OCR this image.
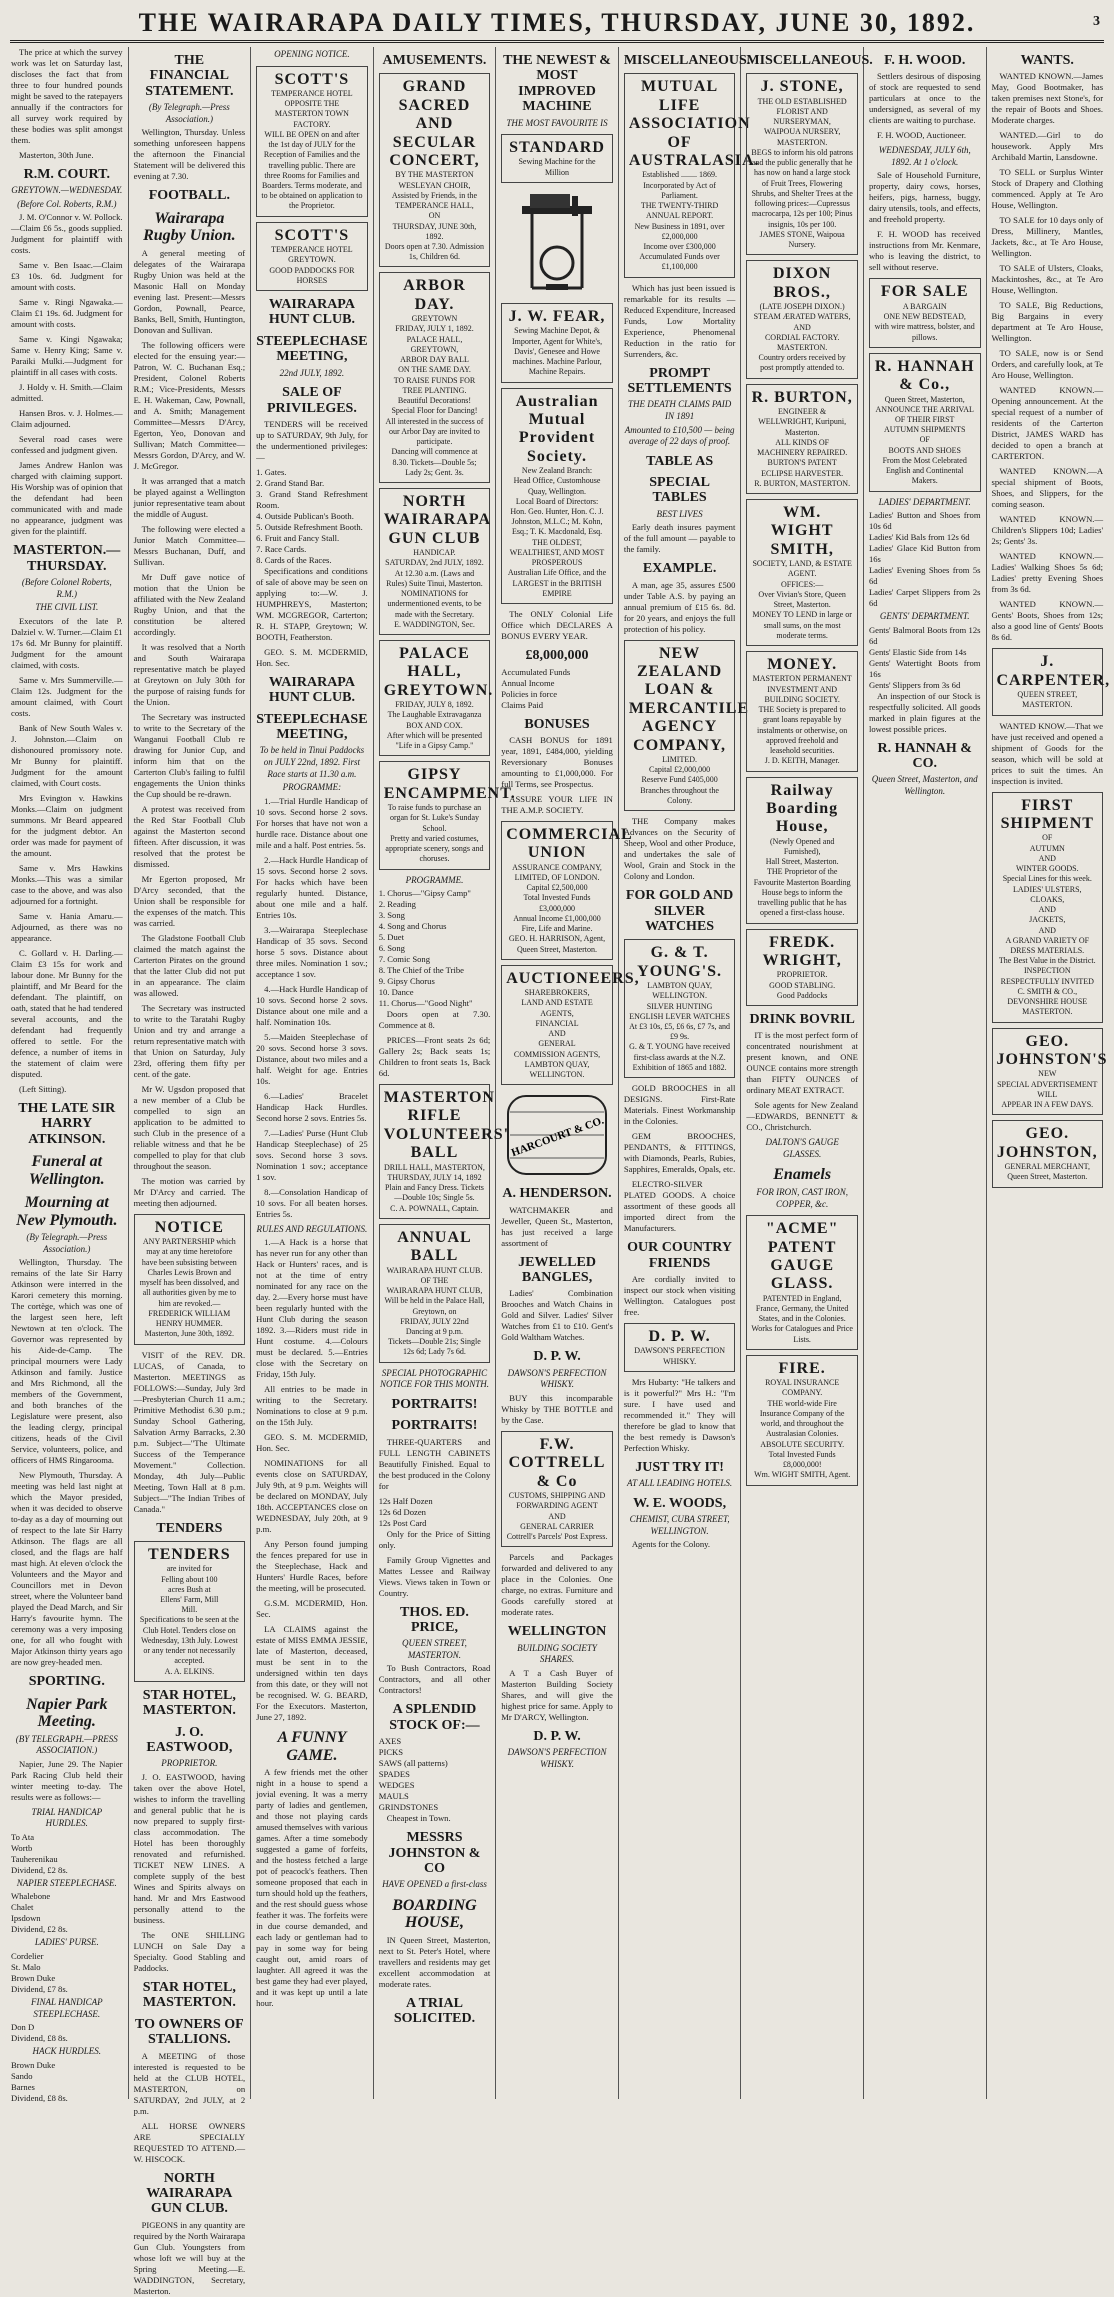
THE WAIRARAPA DAILY TIMES, THURSDAY, JUNE 30, 1892.	3

The price at which the survey work was let on Saturday last, discloses the fact that from three to four hundred pounds might be saved to the ratepayers annually if the contractors for all survey work required by these bodies was split amongst them.

Masterton, 30th June.

R.M. COURT.
GREYTOWN.—WEDNESDAY.
(Before Col. Roberts, R.M.)

J. M. O'Connor v. W. Pollock.—Claim £6 5s., goods supplied. Judgment for plaintiff with costs.

Same v. Ben Isaac.—Claim £3 10s. 6d. Judgment for amount with costs.

Same v. Ringi Ngawaka.—Claim £1 19s. 6d. Judgment for amount with costs.

Same v. Kingi Ngawaka; Same v. Henry King; Same v. Paraiki Mulki.—Judgment for plaintiff in all cases with costs.

J. Holdy v. H. Smith.—Claim admitted.

Hansen Bros. v. J. Holmes.—Claim adjourned.

Several road cases were confessed and judgment given.

James Andrew Hanlon was charged with claiming support. His Worship was of opinion that the defendant had been communicated with and made no appearance, judgment was given for the plaintiff.

MASTERTON.—THURSDAY.
(Before Colonel Roberts, R.M.)
THE CIVIL LIST.

Executors of the late P. Dalziel v. W. Turner.—Claim £1 17s 6d. Mr Bunny for plaintiff. Judgment for the amount claimed, with costs.

Same v. Mrs Summerville.—Claim 12s. Judgment for the amount claimed, with Court costs.

Bank of New South Wales v. J. Johnston.—Claim on dishonoured promissory note. Mr Bunny for plaintiff. Judgment for the amount claimed, with Court costs.

Mrs Evington v. Hawkins Monks.—Claim on judgment summons. Mr Beard appeared for the judgment debtor. An order was made for payment of the amount.

Same v. Mrs Hawkins Monks.—This was a similar case to the above, and was also adjourned for a fortnight.

Same v. Hania Amaru.—Adjourned, as there was no appearance.

C. Gollard v. H. Darling.—Claim £3 15s for work and labour done. Mr Bunny for the plaintiff, and Mr Beard for the defendant. The plaintiff, on oath, stated that he had tendered several accounts, and the defendant had frequently offered to settle. For the defence, a number of items in the statement of claim were disputed.

(Left Sitting).

THE LATE SIR HARRY ATKINSON.
Funeral at Wellington.
Mourning at New Plymouth.
(By Telegraph.—Press Association.)

Wellington, Thursday. The remains of the late Sir Harry Atkinson were interred in the Karori cemetery this morning. The cortège, which was one of the largest seen here, left Newtown at ten o'clock. The Governor was represented by his Aide-de-Camp. The principal mourners were Lady Atkinson and family. Justice and Mrs Richmond, all the members of the Government, and both branches of the Legislature were present, also the leading clergy, principal citizens, heads of the Civil Service, volunteers, police, and officers of HMS Ringarooma.

New Plymouth, Thursday. A meeting was held last night at which the Mayor presided, when it was decided to observe to-day as a day of mourning out of respect to the late Sir Harry Atkinson. The flags are all closed, and the flags are half mast high. At eleven o'clock the Volunteers and the Mayor and Councillors met in Devon street, where the Volunteer band played the Dead March, and Sir Harry's favourite hymn. The ceremony was a very imposing one, for all who fought with Major Atkinson thirty years ago are now grey-headed men.

SPORTING.
Napier Park Meeting.
(BY TELEGRAPH.—PRESS ASSOCIATION.)

Napier, June 29. The Napier Park Racing Club held their winter meeting to-day. The results were as follows:—

TRIAL HANDICAP HURDLES.
To Ata
Wortb
Tauherenikau
Dividend, £2 8s.
NAPIER STEEPLECHASE.
Whalebone
Chalet
Ipsdown
Dividend, £2 8s.
LADIES' PURSE.
Cordelier
St. Malo
Brown Duke
Dividend, £7 8s.
FINAL HANDICAP STEEPLECHASE.
Don D
Dividend, £8 8s.
HACK HURDLES.
Brown Duke
Sando
Barnes
Dividend, £8 8s.
THE FINANCIAL STATEMENT.
(By Telegraph.—Press Association.)

Wellington, Thursday. Unless something unforeseen happens the afternoon the Financial Statement will be delivered this evening at 7.30.

FOOTBALL.
Wairarapa Rugby Union.

A general meeting of delegates of the Wairarapa Rugby Union was held at the Masonic Hall on Monday evening last. Present:—Messrs Gordon, Pownall, Pearce, Banks, Bell, Smith, Huntington, Donovan and Sullivan.

The following officers were elected for the ensuing year:—Patron, W. C. Buchanan Esq.; President, Colonel Roberts R.M.; Vice-Presidents, Messrs E. H. Wakeman, Caw, Pownall, and A. Smith; Management Committee—Messrs D'Arcy, Egerton, Yeo, Donovan and Sullivan; Match Committee—Messrs Gordon, D'Arcy, and W. J. McGregor.

It was arranged that a match be played against a Wellington junior representative team about the middle of August.

The following were elected a Junior Match Committee—Messrs Buchanan, Duff, and Sullivan.

Mr Duff gave notice of motion that the Union be affiliated with the New Zealand Rugby Union, and that the constitution be altered accordingly.

It was resolved that a North and South Wairarapa representative match be played at Greytown on July 30th for the purpose of raising funds for the Union.

The Secretary was instructed to write to the Secretary of the Wanganui Football Club re drawing for Junior Cup, and inform him that on the Carterton Club's failing to fulfil engagements the Union thinks the Cup should be re-drawn.

A protest was received from the Red Star Football Club against the Masterton second fifteen. After discussion, it was resolved that the protest be dismissed.

Mr Egerton proposed, Mr D'Arcy seconded, that the Union shall be responsible for the expenses of the match. This was carried.

The Gladstone Football Club claimed the match against the Carterton Pirates on the ground that the latter Club did not put in an appearance. The claim was allowed.

The Secretary was instructed to write to the Taratahi Rugby Union and try and arrange a return representative match with that Union on Saturday, July 23rd, offering them fifty per cent. of the gate.

Mr W. Ugsdon proposed that a new member of a Club be compelled to sign an application to be admitted to such Club in the presence of a reliable witness and that he be compelled to play for that club throughout the season.

The motion was carried by Mr D'Arcy and carried. The meeting then adjourned.

NOTICE
ANY PARTNERSHIP which may at any time heretofore have been subsisting between Charles Lewis Brown and myself has been dissolved, and all authorities given by me to him are revoked.—FREDERICK WILLIAM HENRY HUMMER. Masterton, June 30th, 1892.

VISIT of the REV. DR. LUCAS, of Canada, to Masterton. MEETINGS as FOLLOWS:—Sunday, July 3rd—Presbyterian Church 11 a.m.; Primitive Methodist 6.30 p.m.; Sunday School Gathering, Salvation Army Barracks, 2.30 p.m. Subject—"The Ultimate Success of the Temperance Movement." Collection. Monday, 4th July—Public Meeting, Town Hall at 8 p.m. Subject—"The Indian Tribes of Canada."

TENDERS
TENDERS
are invited for
Felling about 100
acres Bush at
Ellens' Farm, Mill
Mill.
Specifications to be seen at the Club Hotel. Tenders close on Wednesday, 13th July. Lowest or any tender not necessarily accepted.
A. A. ELKINS.
STAR HOTEL, MASTERTON.
J. O. EASTWOOD,
PROPRIETOR.

J. O. EASTWOOD, having taken over the above Hotel, wishes to inform the travelling and general public that he is now prepared to supply first-class accommodation. The Hotel has been thoroughly renovated and refurnished. TICKET NEW LINES. A complete supply of the best Wines and Spirits always on hand. Mr and Mrs Eastwood personally attend to the business.

The ONE SHILLING LUNCH on Sale Day a Specialty. Good Stabling and Paddocks.

STAR HOTEL, MASTERTON.
TO OWNERS OF STALLIONS.

A MEETING of those interested is requested to be held at the CLUB HOTEL, MASTERTON, on SATURDAY, 2nd JULY, at 2 p.m.

ALL HORSE OWNERS ARE SPECIALLY REQUESTED TO ATTEND.—W. HISCOCK.

NORTH WAIRARAPA GUN CLUB.

PIGEONS in any quantity are required by the North Wairarapa Gun Club. Youngsters from whose loft we will buy at the Spring Meeting.—E. WADDINGTON, Secretary, Masterton.

OPENING NOTICE.
SCOTT'S
TEMPERANCE HOTEL
OPPOSITE THE
MASTERTON TOWN FACTORY.
WILL BE OPEN on and after the 1st day of JULY for the Reception of Families and the travelling public. There are three Rooms for Families and Boarders. Terms moderate, and to be obtained on application to the Proprietor.
SCOTT'S
TEMPERANCE HOTEL
GREYTOWN.
GOOD PADDOCKS FOR HORSES
WAIRARAPA HUNT CLUB.
STEEPLECHASE MEETING,
22nd JULY, 1892.
SALE OF PRIVILEGES.

TENDERS will be received up to SATURDAY, 9th July, for the undermentioned privileges:—

1. Gates.
2. Grand Stand Bar.
3. Grand Stand Refreshment Room.
4. Outside Publican's Booth.
5. Outside Refreshment Booth.
6. Fruit and Fancy Stall.
7. Race Cards.
8. Cards of the Races.

Specifications and conditions of sale of above may be seen on applying to:—W. J. HUMPHREYS, Masterton; WM. MCGREGOR, Carterton; R. H. STAPP, Greytown; W. BOOTH, Featherston.

GEO. S. M. MCDERMID, Hon. Sec.

WAIRARAPA HUNT CLUB.
STEEPLECHASE MEETING,
To be held in Tinui Paddocks on JULY 22nd, 1892. First Race starts at 11.30 a.m.
PROGRAMME:

1.—Trial Hurdle Handicap of 10 sovs. Second horse 2 sovs. For horses that have not won a hurdle race. Distance about one mile and a half. Post entries. 5s.

2.—Hack Hurdle Handicap of 15 sovs. Second horse 2 sovs. For hacks which have been regularly hunted. Distance, about one mile and a half. Entries 10s.

3.—Wairarapa Steeplechase Handicap of 35 sovs. Second horse 5 sovs. Distance about three miles. Nomination 1 sov.; acceptance 1 sov.

4.—Hack Hurdle Handicap of 10 sovs. Second horse 2 sovs. Distance about one mile and a half. Nomination 10s.

5.—Maiden Steeplechase of 20 sovs. Second horse 3 sovs. Distance, about two miles and a half. Weight for age. Entries 10s.

6.—Ladies' Bracelet Handicap Hack Hurdles. Second horse 2 sovs. Entries 5s.

7.—Ladies' Purse (Hunt Club Handicap Steeplechase) of 25 sovs. Second horse 3 sovs. Nomination 1 sov.; acceptance 1 sov.

8.—Consolation Handicap of 10 sovs. For all beaten horses. Entries 5s.

RULES AND REGULATIONS.

1.—A Hack is a horse that has never run for any other than Hack or Hunters' races, and is not at the time of entry nominated for any race on the day. 2.—Every horse must have been regularly hunted with the Hunt Club during the season 1892. 3.—Riders must ride in Hunt costume. 4.—Colours must be declared. 5.—Entries close with the Secretary on Friday, 15th July.

All entries to be made in writing to the Secretary. Nominations to close at 9 p.m. on the 15th July.

GEO. S. M. MCDERMID, Hon. Sec.

NOMINATIONS for all events close on SATURDAY, July 9th, at 9 p.m. Weights will be declared on MONDAY, July 18th. ACCEPTANCES close on WEDNESDAY, July 20th, at 9 p.m.

Any Person found jumping the fences prepared for use in the Steeplechase, Hack and Hunters' Hurdle Races, before the meeting, will be prosecuted.

G.S.M. MCDERMID, Hon. Sec.

LA CLAIMS against the estate of MISS EMMA JESSIE, late of Masterton, deceased, must be sent in to the undersigned within ten days from this date, or they will not be recognised. W. G. BEARD, For the Executors. Masterton, June 27, 1892.

A FUNNY GAME.

A few friends met the other night in a house to spend a jovial evening. It was a merry party of ladies and gentlemen, and those not playing cards amused themselves with various games. After a time somebody suggested a game of forfeits, and the hostess fetched a large pot of peacock's feathers. Then someone proposed that each in turn should hold up the feathers, and the rest should guess whose feather it was. The forfeits were in due course demanded, and each lady or gentleman had to pay in some way for being caught out, amid roars of laughter. All agreed it was the best game they had ever played, and it was kept up until a late hour.

AMUSEMENTS.
GRAND SACRED AND SECULAR CONCERT,
BY THE MASTERTON WESLEYAN CHOIR,
Assisted by Friends, in the
TEMPERANCE HALL,
ON
THURSDAY, JUNE 30th, 1892.
Doors open at 7.30. Admission 1s, Children 6d.
ARBOR DAY.
GREYTOWN
FRIDAY, JULY 1, 1892.
PALACE HALL, GREYTOWN,
ARBOR DAY BALL
ON THE SAME DAY.
TO RAISE FUNDS FOR TREE PLANTING.
Beautiful Decorations!
Special Floor for Dancing!
All interested in the success of our Arbor Day are invited to participate.
Dancing will commence at 8.30. Tickets—Double 5s; Lady 2s; Gent. 3s.
NORTH WAIRARAPA GUN CLUB
HANDICAP.
SATURDAY, 2nd JULY, 1892.
At 12.30 a.m. (Laws and Rules) Suite Tinui, Masterton.
NOMINATIONS for undermentioned events, to be made with the Secretary.
E. WADDINGTON, Sec.
PALACE HALL, GREYTOWN.
FRIDAY, JULY 8, 1892.
The Laughable Extravaganza
BOX AND COX.
After which will be presented "Life in a Gipsy Camp."
GIPSY ENCAMPMENT.
To raise funds to purchase an organ for St. Luke's Sunday School.
Pretty and varied costumes, appropriate scenery, songs and choruses.
PROGRAMME.
1. Chorus—"Gipsy Camp"
2. Reading
3. Song
4. Song and Chorus
5. Duet
6. Song
7. Comic Song
8. The Chief of the Tribe
9. Gipsy Chorus
10. Dance
11. Chorus—"Good Night"

Doors open at 7.30. Commence at 8.

PRICES—Front seats 2s 6d; Gallery 2s; Back seats 1s; Children to front seats 1s, Back 6d.

MASTERTON RIFLE VOLUNTEERS' BALL
DRILL HALL, MASTERTON,
THURSDAY, JULY 14, 1892
Plain and Fancy Dress. Tickets—Double 10s; Single 5s.
C. A. POWNALL, Captain.
ANNUAL BALL
WAIRARAPA HUNT CLUB.
OF THE
WAIRARAPA HUNT CLUB,
Will be held in the Palace Hall, Greytown, on
FRIDAY, JULY 22nd
Dancing at 9 p.m.
Tickets—Double 21s; Single 12s 6d; Lady 7s 6d.
SPECIAL PHOTOGRAPHIC NOTICE FOR THIS MONTH.
PORTRAITS!
PORTRAITS!

THREE-QUARTERS and FULL LENGTH CABINETS Beautifully Finished. Equal to the best produced in the Colony for

12s Half Dozen
12s 6d Dozen
12s Post Card

Only for the Price of Sitting only.

Family Group Vignettes and Mattes Lessee and Railway Views. Views taken in Town or Country.

THOS. ED. PRICE,
QUEEN STREET, MASTERTON.

To Bush Contractors, Road Contractors, and all other Contractors!

A SPLENDID STOCK OF:—
AXES
PICKS
SAWS (all patterns)
SPADES
WEDGES
MAULS
GRINDSTONES

Cheapest in Town.

MESSRS JOHNSTON & CO
HAVE OPENED a first-class
BOARDING HOUSE,

IN Queen Street, Masterton, next to St. Peter's Hotel, where travellers and residents may get excellent accommodation at moderate rates.

A TRIAL SOLICITED.
THE NEWEST & MOST IMPROVED MACHINE
THE MOST FAVOURITE IS
STANDARD
Sewing Machine for the Million
J. W. FEAR,
Sewing Machine Depot, & Importer, Agent for White's, Davis', Genesee and Howe machines. Machine Parlour, Machine Repairs.
Australian Mutual Provident Society.
New Zealand Branch:
Head Office, Customhouse Quay, Wellington.
Local Board of Directors:
Hon. Geo. Hunter, Hon. C. J. Johnston, M.L.C.; M. Kohn, Esq.; T. K. Macdonald, Esq.
THE OLDEST, WEALTHIEST, AND MOST PROSPEROUS
Australian Life Office, and the LARGEST in the BRITISH EMPIRE

The ONLY Colonial Life Office which DECLARES A BONUS EVERY YEAR.

£8,000,000
Accumulated Funds
Annual Income
Policies in force
Claims Paid
BONUSES

CASH BONUS for 1891 year, 1891, £484,000, yielding Reversionary Bonuses amounting to £1,000,000. For full Terms, see Prospectus.

ASSURE YOUR LIFE IN THE A.M.P. SOCIETY.

COMMERCIAL UNION
ASSURANCE COMPANY, LIMITED, OF LONDON.
Capital £2,500,000
Total Invested Funds £3,000,000
Annual Income £1,000,000
Fire, Life and Marine.
GEO. H. HARRISON, Agent, Queen Street, Masterton.
AUCTIONEERS,
SHAREBROKERS,
LAND AND ESTATE
AGENTS,
FINANCIAL
AND
GENERAL
COMMISSION AGENTS,
LAMBTON QUAY, WELLINGTON.
HARCOURT & CO.
A. HENDERSON.

WATCHMAKER and Jeweller, Queen St., Masterton, has just received a large assortment of

JEWELLED BANGLES,

Ladies' Combination Brooches and Watch Chains in Gold and Silver. Ladies' Silver Watches from £1 to £10. Gent's Gold Waltham Watches.

D. P. W.
DAWSON'S PERFECTION WHISKY.

BUY this incomparable Whisky by THE BOTTLE and by the Case.

F.W. COTTRELL & Co
CUSTOMS, SHIPPING AND FORWARDING AGENT
AND
GENERAL CARRIER
Cottrell's Parcels' Post Express.

Parcels and Packages forwarded and delivered to any place in the Colonies. One charge, no extras. Furniture and Goods carefully stored at moderate rates.

WELLINGTON
BUILDING SOCIETY SHARES.

A T a Cash Buyer of Masterton Building Society Shares, and will give the highest price for same. Apply to Mr D'ARCY, Wellington.

D. P. W.
DAWSON'S PERFECTION WHISKY.
MISCELLANEOUS.
MUTUAL LIFE ASSOCIATION OF AUSTRALASIA.
Established ........ 1869.
Incorporated by Act of Parliament.
THE TWENTY-THIRD ANNUAL REPORT.
New Business in 1891, over £2,000,000
Income over £300,000
Accumulated Funds over £1,100,000

Which has just been issued is remarkable for its results — Reduced Expenditure, Increased Funds, Low Mortality Experience, Phenomenal Reduction in the ratio for Surrenders, &c.

PROMPT SETTLEMENTS
THE DEATH CLAIMS PAID IN 1891
Amounted to £10,500 — being average of 22 days of proof.
TABLE AS
SPECIAL TABLES
BEST LIVES

Early death insures payment of the full amount — payable to the family.

EXAMPLE.

A man, age 35, assures £500 under Table A.S. by paying an annual premium of £15 6s. 8d. for 20 years, and enjoys the full protection of his policy.

NEW ZEALAND LOAN & MERCANTILE AGENCY COMPANY,
LIMITED.
Capital £2,000,000
Reserve Fund £405,000
Branches throughout the Colony.

THE Company makes Advances on the Security of Sheep, Wool and other Produce, and undertakes the sale of Wool, Grain and Stock in the Colony and London.

FOR GOLD AND SILVER WATCHES
G. & T. YOUNG'S.
LAMBTON QUAY, WELLINGTON.
SILVER HUNTING ENGLISH LEVER WATCHES
At £3 10s, £5, £6 6s, £7 7s, and £9 9s.
G. & T. YOUNG have received first-class awards at the N.Z. Exhibition of 1865 and 1882.

GOLD BROOCHES in all DESIGNS. First-Rate Materials. Finest Workmanship in the Colonies.

GEM BROOCHES, PENDANTS, & FITTINGS, with Diamonds, Pearls, Rubies, Sapphires, Emeralds, Opals, etc.

ELECTRO-SILVER PLATED GOODS. A choice assortment of these goods all imported direct from the Manufacturers.

OUR COUNTRY FRIENDS

Are cordially invited to inspect our stock when visiting Wellington. Catalogues post free.

D. P. W.
DAWSON'S PERFECTION WHISKY.

Mrs Hubarty: "He talkers and is it powerful?" Mrs H.: "I'm sure. I have used and recommended it." They will therefore be glad to know that the best remedy is Dawson's Perfection Whisky.

JUST TRY IT!
AT ALL LEADING HOTELS.
W. E. WOODS,
CHEMIST, CUBA STREET, WELLINGTON.

Agents for the Colony.

MISCELLANEOUS.
J. STONE,
THE OLD ESTABLISHED FLORIST AND NURSERYMAN,
WAIPOUA NURSERY, MASTERTON.
BEGS to inform his old patrons and the public generally that he has now on hand a large stock of Fruit Trees, Flowering Shrubs, and Shelter Trees at the following prices:—Cupressus macrocarpa, 12s per 100; Pinus insignis, 10s per 100.
JAMES STONE, Waipoua Nursery.
DIXON BROS.,
(LATE JOSEPH DIXON.)
STEAM ÆRATED WATERS,
AND
CORDIAL FACTORY.
MASTERTON.
Country orders received by post promptly attended to.
R. BURTON,
ENGINEER & WELLWRIGHT, Kuripuni, Masterton.
ALL KINDS OF MACHINERY REPAIRED.
BURTON'S PATENT ECLIPSE HARVESTER.
R. BURTON, MASTERTON.
WM. WIGHT SMITH,
SOCIETY, LAND, & ESTATE AGENT.
OFFICES:—
Over Vivian's Store, Queen Street, Masterton.
MONEY TO LEND in large or small sums, on the most moderate terms.
MONEY.
MASTERTON PERMANENT INVESTMENT AND BUILDING SOCIETY.
THE Society is prepared to grant loans repayable by instalments or otherwise, on approved freehold and leasehold securities.
J. D. KEITH, Manager.
Railway Boarding House,
(Newly Opened and Furnished),
Hall Street, Masterton.
THE Proprietor of the Favourite Masterton Boarding House begs to inform the travelling public that he has opened a first-class house.
FREDK. WRIGHT,
PROPRIETOR.
GOOD STABLING.
Good Paddocks
DRINK BOVRIL

IT is the most perfect form of concentrated nourishment at present known, and ONE OUNCE contains more strength than FIFTY OUNCES of ordinary MEAT EXTRACT.

Sole agents for New Zealand—EDWARDS, BENNETT & CO., Christchurch.

DALTON'S GAUGE GLASSES.
Enamels
FOR IRON, CAST IRON, COPPER, &c.
"ACME" PATENT GAUGE GLASS.
PATENTED in England, France, Germany, the United States, and in the Colonies.
Works for Catalogues and Price Lists.
FIRE.
ROYAL INSURANCE COMPANY.
THE world-wide Fire Insurance Company of the world, and throughout the Australasian Colonies.
ABSOLUTE SECURITY.
Total Invested Funds
£8,000,000!
Wm. WIGHT SMITH, Agent.
F. H. WOOD.

Settlers desirous of disposing of stock are requested to send particulars at once to the undersigned, as several of my clients are waiting to purchase.

F. H. WOOD, Auctioneer.

WEDNESDAY, JULY 6th, 1892. At 1 o'clock.

Sale of Household Furniture, property, dairy cows, horses, heifers, pigs, harness, buggy, dairy utensils, tools, and effects, and freehold property.

F. H. WOOD has received instructions from Mr. Kenmare, who is leaving the district, to sell without reserve.

FOR SALE
A BARGAIN
ONE NEW BEDSTEAD,
with wire mattress, bolster, and pillows.
R. HANNAH & Co.,
Queen Street, Masterton,
ANNOUNCE THE ARRIVAL OF THEIR FIRST
AUTUMN SHIPMENTS
OF
BOOTS AND SHOES
From the Most Celebrated English and Continental Makers.
LADIES' DEPARTMENT.
Ladies' Button and Shoes from 10s 6d
Ladies' Kid Bals from 12s 6d
Ladies' Glace Kid Button from 16s
Ladies' Evening Shoes from 5s 6d
Ladies' Carpet Slippers from 2s 6d
GENTS' DEPARTMENT.
Gents' Balmoral Boots from 12s 6d
Gents' Elastic Side from 14s
Gents' Watertight Boots from 16s
Gents' Slippers from 3s 6d

An inspection of our Stock is respectfully solicited. All goods marked in plain figures at the lowest possible prices.

R. HANNAH & CO.
Queen Street, Masterton, and Wellington.
WANTS.

WANTED KNOWN.—James May, Good Bootmaker, has taken premises next Stone's, for the repair of Boots and Shoes. Moderate charges.

WANTED.—Girl to do housework. Apply Mrs Archibald Martin, Lansdowne.

TO SELL or Surplus Winter Stock of Drapery and Clothing commenced. Apply at Te Aro House, Wellington.

TO SALE for 10 days only of Dress, Millinery, Mantles, Jackets, &c., at Te Aro House, Wellington.

TO SALE of Ulsters, Cloaks, Mackintoshes, &c., at Te Aro House, Wellington.

TO SALE, Big Reductions, Big Bargains in every department at Te Aro House, Wellington.

TO SALE, now is or Send Orders, and carefully look, at Te Aro House, Wellington.

WANTED KNOWN.—Opening announcement. At the special request of a number of residents of the Carterton District, JAMES WARD has decided to open a branch at CARTERTON.

WANTED KNOWN.—A special shipment of Boots, Shoes, and Slippers, for the coming season.

WANTED KNOWN.—Children's Slippers 10d; Ladies' 2s; Gents' 3s.

WANTED KNOWN.—Ladies' Walking Shoes 5s 6d; Ladies' pretty Evening Shoes from 3s 6d.

WANTED KNOWN.—Gents' Boots, Shoes from 12s; also a good line of Gents' Boots 8s 6d.

J. CARPENTER,
QUEEN STREET,
MASTERTON.

WANTED KNOW.—That we have just received and opened a shipment of Goods for the season, which will be sold at prices to suit the times. An inspection is invited.

FIRST SHIPMENT
OF
AUTUMN
AND
WINTER GOODS.
Special Lines for this week.
LADIES' ULSTERS, CLOAKS,
AND
JACKETS,
AND
A GRAND VARIETY OF
DRESS MATERIALS.
The Best Value in the District.
INSPECTION RESPECTFULLY INVITED
C. SMITH & CO.,
DEVONSHIRE HOUSE
MASTERTON.
GEO. JOHNSTON'S
NEW
SPECIAL ADVERTISEMENT
WILL
APPEAR IN A FEW DAYS.
GEO. JOHNSTON,
GENERAL MERCHANT,
Queen Street, Masterton.
